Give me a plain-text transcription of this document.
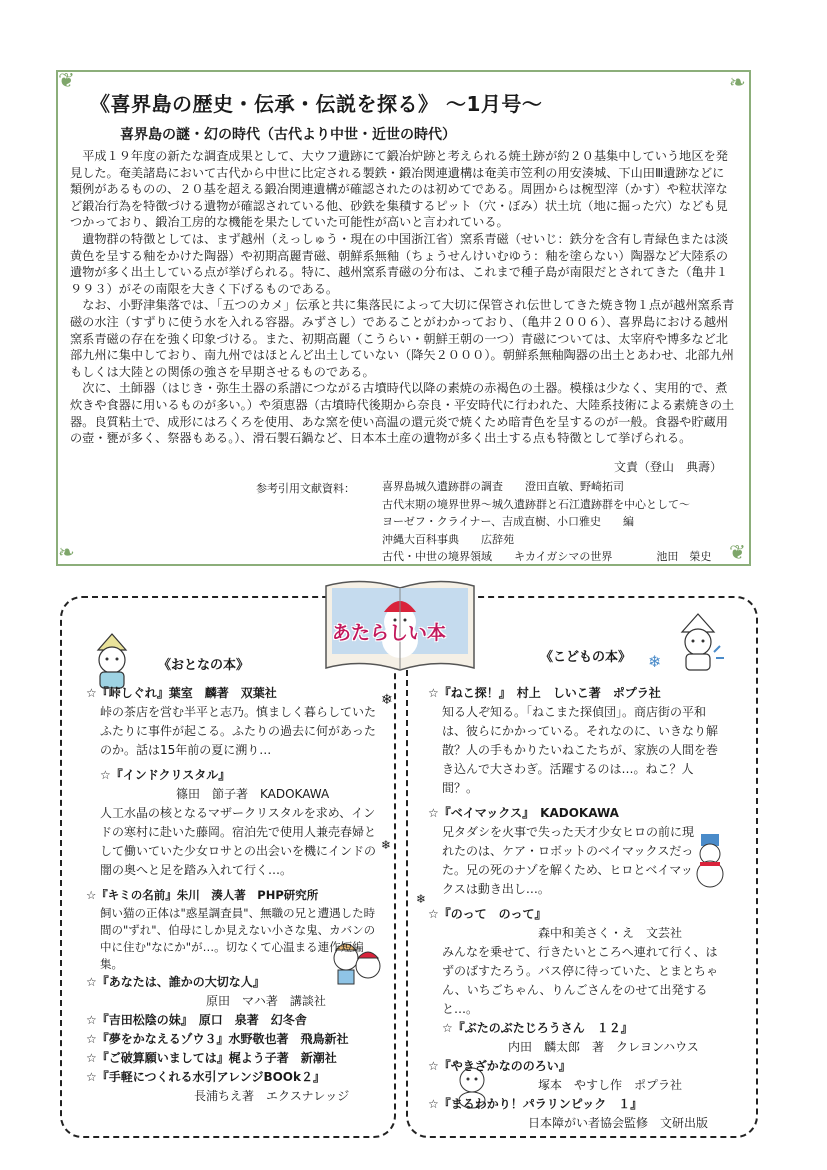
❦	❧
❧	❦
《喜界島の歴史・伝承・伝説を探る》 ～1月号～
喜界島の謎・幻の時代（古代より中世・近世の時代）

平成１９年度の新たな調査成果として、大ウフ遺跡にて鍛冶炉跡と考えられる焼土跡が約２０基集中していう地区を発見した。奄美諸島において古代から中世に比定される製鉄・鍛冶関連遺構は奄美市笠利の用安湊城、下山田Ⅲ遺跡などに類例があるものの、２０基を超える鍛冶関連遺構が確認されたのは初めてである。周囲からは椀型滓（かす）や粒状滓など鍛冶行為を特徴づける遺物が確認されている他、砂鉄を集積するピット（穴・ぼみ）状土坑（地に掘った穴）なども見つかっており、鍛冶工房的な機能を果たしていた可能性が高いと言われている。

遺物群の特徴としては、まず越州（えっしゅう・現在の中国浙江省）窯系青磁（せいじ：鉄分を含有し青緑色または淡黄色を呈する釉をかけた陶器）や初期高麗青磁、朝鮮系無釉（ちょうせんけいむゆう：釉を塗らない）陶器など大陸系の遺物が多く出土している点が挙げられる。特に、越州窯系青磁の分布は、これまで種子島が南限だとされてきた（亀井１９９３）がその南限を大きく下げるものである。

なお、小野津集落では、「五つのカメ」伝承と共に集落民によって大切に保管され伝世してきた焼き物１点が越州窯系青磁の水注（すずりに使う水を入れる容器。みずさし）であることがわかっており、（亀井２００６）、喜界島における越州窯系青磁の存在を強く印象づける。また、初期高麗（こうらい・朝鮮王朝の一つ）青磁については、太宰府や博多など北部九州に集中しており、南九州ではほとんど出土していない（降矢２０００）。朝鮮系無釉陶器の出土とあわせ、北部九州もしくは大陸との関係の強さを早期させるものである。

次に、土師器（はじき・弥生土器の系譜につながる古墳時代以降の素焼の赤褐色の土器。模様は少なく、実用的で、煮炊きや食器に用いるものが多い。）や須恵器（古墳時代後期から奈良・平安時代に行われた、大陸系技術による素焼きの土器。良質粘土で、成形にはろくろを使用、あな窯を使い高温の還元炎で焼くため暗青色を呈するのが一般。食器や貯蔵用の壺・甕が多く、祭器もある。）、滑石製石鍋など、日本本土産の遺物が多く出土する点も特徴として挙げられる。

文責（登山　典壽）
参考引用文献資料： 喜界島城久遺跡群の調査　　澄田直敏、野崎拓司
古代末期の境界世界～城久遺跡群と石江遺跡群を中心として～
ヨーゼフ・クライナー、吉成直樹、小口雅史　　編
沖縄大百科事典　　広辞苑
古代・中世の境界領域　　キカイガシマの世界　　　　池田　榮史
あたらしい本
❄
❄
❄
❄
《おとなの本》
☆『峠しぐれ』葉室　麟著　双葉社
峠の茶店を営む半平と志乃。慎ましく暮らしていたふたりに事件が起こる。ふたりの過去に何があったのか。話は15年前の夏に溯り…
☆『インドクリスタル』
篠田　節子著　KADOKAWA
人工水晶の核となるマザークリスタルを求め、インドの寒村に赴いた藤岡。宿泊先で使用人兼売春婦として働いていた少女ロサとの出会いを機にインドの闇の奥へと足を踏み入れて行く…。
☆『キミの名前』朱川　湊人著　PHP研究所
飼い猫の正体は"惑星調査員"、無職の兄と遭遇した時間の"ずれ"、伯母にしか見えない小さな鬼、カバンの中に住む"なにか"が…。切なくて心温まる連作短編集。
☆『あなたは、誰かの大切な人』
原田　マハ著　講談社
☆『吉田松陰の妹』　原口　泉著　幻冬舎
☆『夢をかなえるゾウ３』水野敬也著　飛鳥新社
☆『ご破算願いましては』梶よう子著　新潮社
☆『手軽につくれる水引アレンジBOOk２』
長浦ちえ著　エクスナレッジ
《こどもの本》
☆『ねこ探！』　村上　しいこ著　ポプラ社
知る人ぞ知る。「ねこまた探偵団」。商店街の平和は、彼らにかかっている。それなのに、いきなり解散？人の手もかりたいねこたちが、家族の人間を巻き込んで大さわぎ。活躍するのは…。ねこ？人間？。
☆『ベイマックス』　KADOKAWA
兄タダシを火事で失った天才少女ヒロの前に現れたのは、ケア・ロボットのベイマックスだった。兄の死のナゾを解くため、ヒロとベイマックスは動き出し…。
☆『のって　のって』
森中和美さく・え　文芸社
みんなを乗せて、行きたいところへ連れて行く、はずのばすたろう。バス停に待っていた、とまとちゃん、いちごちゃん、りんごさんをのせて出発すると…。
☆『ぶたのぶたじろうさん　１２』
内田　麟太郎　著　クレヨンハウス
☆『やきざかなののろい』
塚本　やすし作　ポプラ社
☆『まるわかり！パラリンピック　１』
日本障がい者協会監修　文研出版
